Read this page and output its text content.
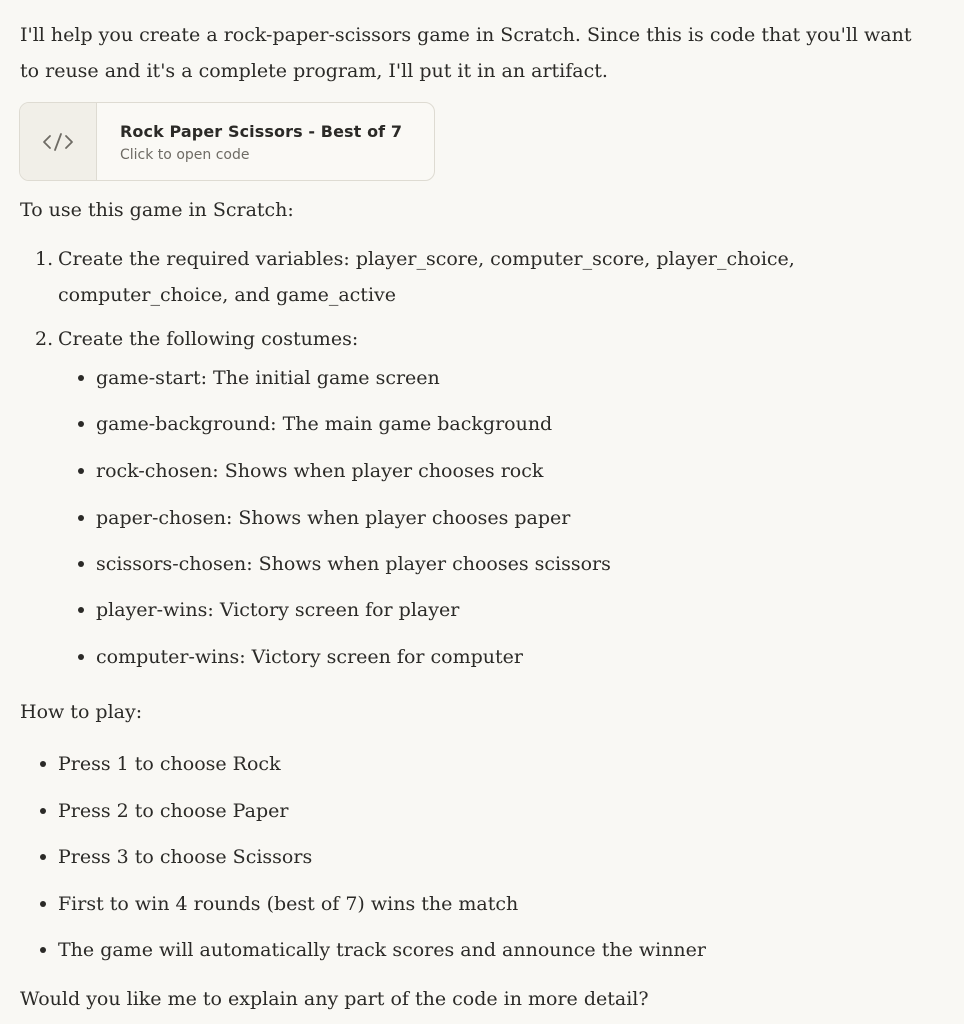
I'll help you create a rock-paper-scissors game in Scratch. Since this is code that you'll want to reuse and it's a complete program, I'll put it in an artifact.

Rock Paper Scissors - Best of 7
Click to open code

To use this game in Scratch:

1. Create the required variables: player_score, computer_score, player_choice,
computer_choice, and game_active
2. Create the following costumes:
game-start: The initial game screen
game-background: The main game background
rock-chosen: Shows when player chooses rock
paper-chosen: Shows when player chooses paper
scissors-chosen: Shows when player chooses scissors
player-wins: Victory screen for player
computer-wins: Victory screen for computer

How to play:

Press 1 to choose Rock
Press 2 to choose Paper
Press 3 to choose Scissors
First to win 4 rounds (best of 7) wins the match
The game will automatically track scores and announce the winner

Would you like me to explain any part of the code in more detail?
